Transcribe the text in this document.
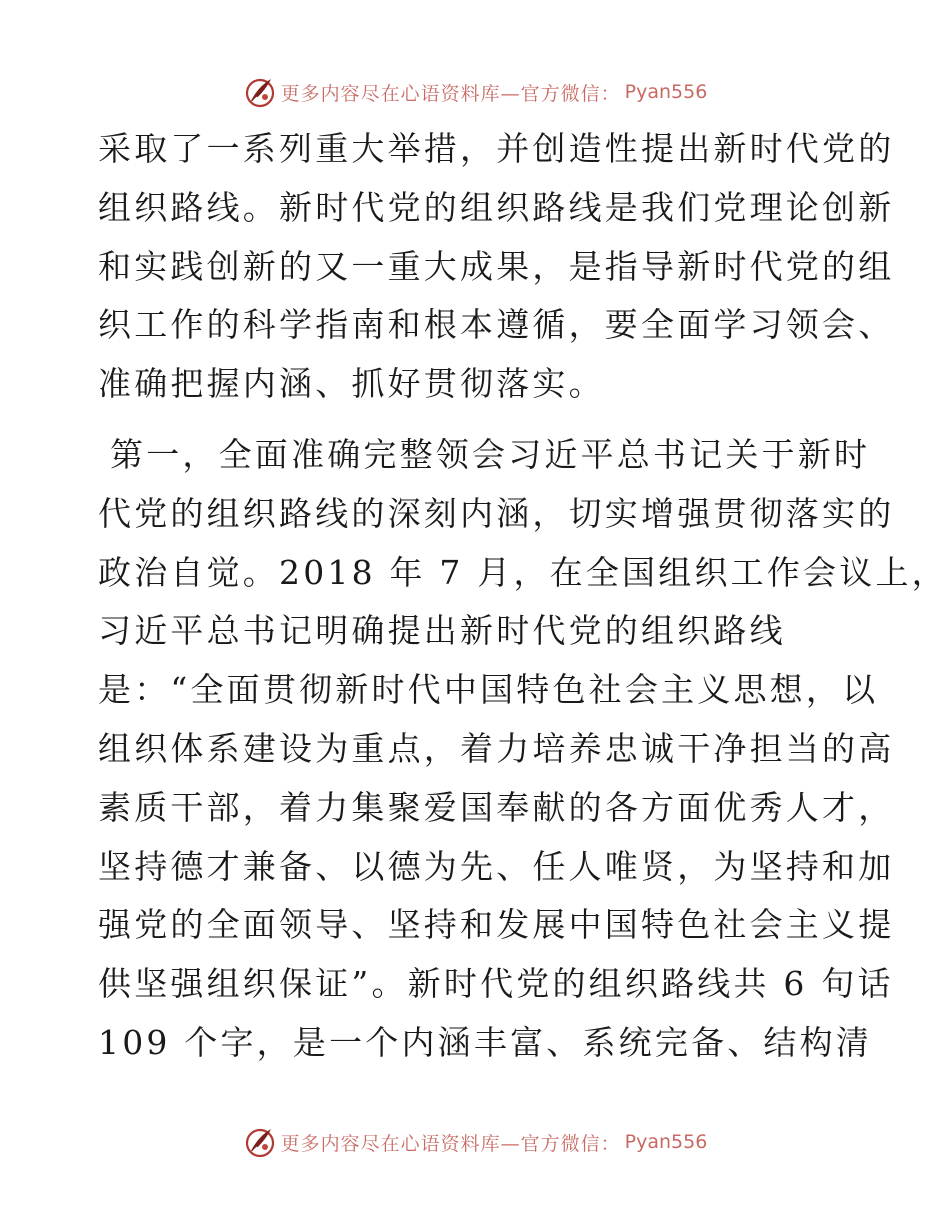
更多内容尽在心语资料库—官方微信： Pyan556
采取了一系列重大举措，并创造性提出新时代党的
组织路线。新时代党的组织路线是我们党理论创新
和实践创新的又一重大成果，是指导新时代党的组
织工作的科学指南和根本遵循，要全面学习领会、
准确把握内涵、抓好贯彻落实。
第一，全面准确完整领会习近平总书记关于新时
代党的组织路线的深刻内涵，切实增强贯彻落实的
政治自觉。2018 年 7 月，在全国组织工作会议上，
习近平总书记明确提出新时代党的组织路线
是：“全面贯彻新时代中国特色社会主义思想，以
组织体系建设为重点，着力培养忠诚干净担当的高
素质干部，着力集聚爱国奉献的各方面优秀人才，
坚持德才兼备、以德为先、任人唯贤，为坚持和加
强党的全面领导、坚持和发展中国特色社会主义提
供坚强组织保证”。新时代党的组织路线共 6 句话
109 个字，是一个内涵丰富、系统完备、结构清
更多内容尽在心语资料库—官方微信： Pyan556
